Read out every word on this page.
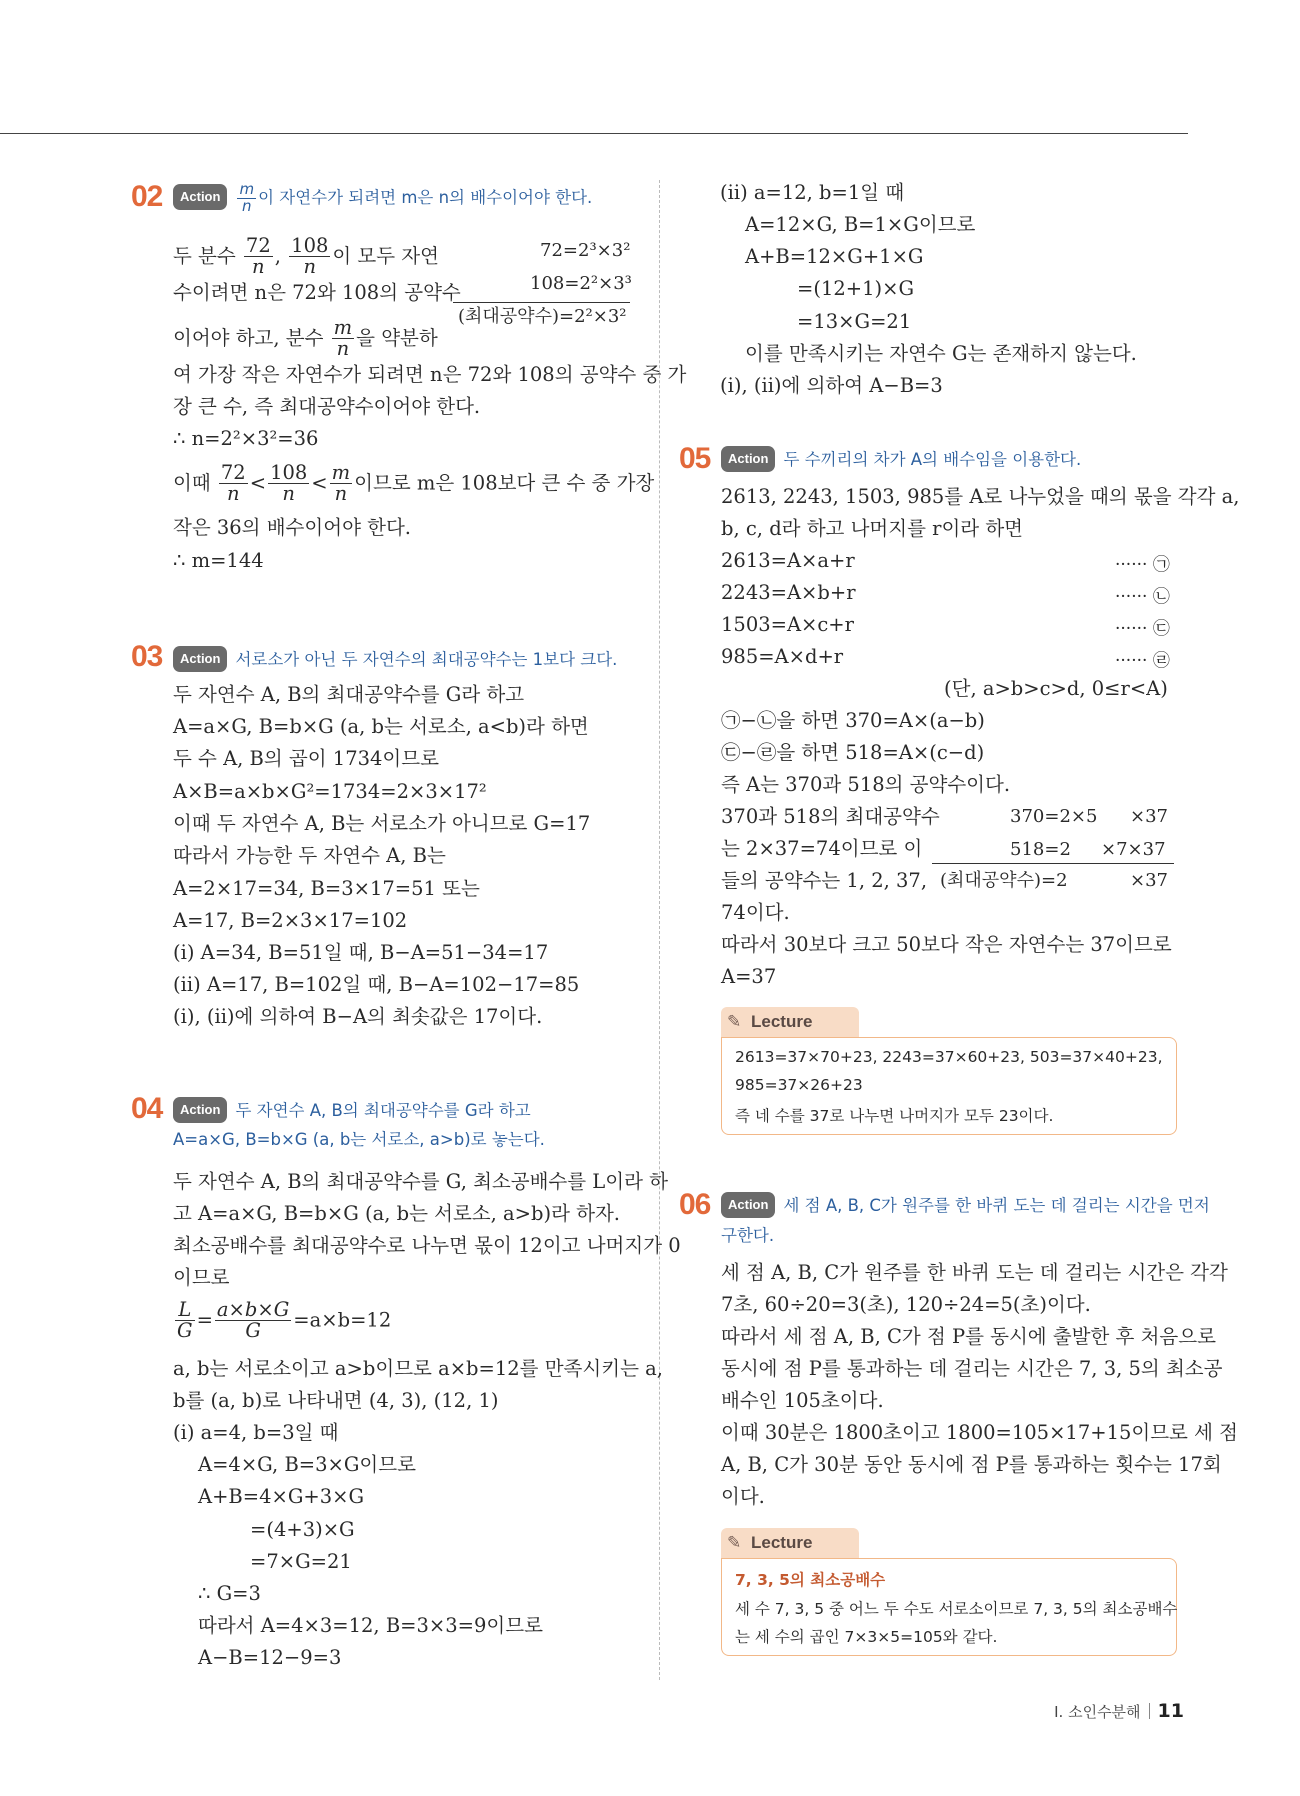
02	Action $\frac{m}{n}$ 이 자연수가 되려면 m은 n의 배수이어야 한다.
두 분수 $\frac{72}{n}$ , $\frac{108}{n}$ 이 모두 자연
수이려면 n은 72와 108의 공약수
이어야 하고, 분수 $\frac{m}{n}$ 을 약분하
여 가장 작은 자연수가 되려면 n은 72와 108의 공약수 중 가
장 큰 수, 즉 최대공약수이어야 한다.
∴ n=2²×3²=36
이때 $\frac{72}{n} < \frac{108}{n} < \frac{m}{n}$ 이므로 m은 108보다 큰 수 중 가장
작은 36의 배수이어야 한다.
∴ m=144
72=2³×3²
108=2²×3³
(최대공약수)=2²×3²
03	Action 서로소가 아닌 두 자연수의 최대공약수는 1보다 크다.
두 자연수 A, B의 최대공약수를 G라 하고
A=a×G, B=b×G (a, b는 서로소, a<b)라 하면
두 수 A, B의 곱이 1734이므로
A×B=a×b×G²=1734=2×3×17²
이때 두 자연수 A, B는 서로소가 아니므로 G=17
따라서 가능한 두 자연수 A, B는
A=2×17=34, B=3×17=51 또는
A=17, B=2×3×17=102
(ⅰ) A=34, B=51일 때, B−A=51−34=17
(ⅱ) A=17, B=102일 때, B−A=102−17=85
(ⅰ), (ⅱ)에 의하여 B−A의 최솟값은 17이다.
04	Action 두 자연수 A, B의 최대공약수를 G라 하고
A=a×G, B=b×G (a, b는 서로소, a>b)로 놓는다.
두 자연수 A, B의 최대공약수를 G, 최소공배수를 L이라 하
고 A=a×G, B=b×G (a, b는 서로소, a>b)라 하자.
최소공배수를 최대공약수로 나누면 몫이 12이고 나머지가 0
이므로
$\frac{L}{G} = \frac{a\times b\times G}{G} =a\times b=12$
a, b는 서로소이고 a>b이므로 a×b=12를 만족시키는 a,
b를 (a, b)로 나타내면 (4, 3), (12, 1)
(ⅰ) a=4, b=3일 때
A=4×G, B=3×G이므로
A+B=4×G+3×G
=(4+3)×G
=7×G=21
∴ G=3
따라서 A=4×3=12, B=3×3=9이므로
A−B=12−9=3
(ⅱ) a=12, b=1일 때
A=12×G, B=1×G이므로
A+B=12×G+1×G
=(12+1)×G
=13×G=21
이를 만족시키는 자연수 G는 존재하지 않는다.
(ⅰ), (ⅱ)에 의하여 A−B=3
05	Action 두 수끼리의 차가 A의 배수임을 이용한다.
2613, 2243, 1503, 985를 A로 나누었을 때의 몫을 각각 a,
b, c, d라 하고 나머지를 r이라 하면
2613=A×a+r	······ ㉠
2243=A×b+r	······ ㉡
1503=A×c+r	······ ㉢
985=A×d+r	······ ㉣
(단, a>b>c>d, 0≤r<A)
㉠−㉡을 하면 370=A×(a−b)
㉢−㉣을 하면 518=A×(c−d)
즉 A는 370과 518의 공약수이다.
370과 518의 최대공약수
는 2×37=74이므로 이
들의 공약수는 1, 2, 37,
74이다.
따라서 30보다 크고 50보다 작은 자연수는 37이므로
A=37
370=2×5 ×37
518=2 ×7×37
(최대공약수)=2	×37
✎ Lecture
2613=37×70+23, 2243=37×60+23, 503=37×40+23,
985=37×26+23
즉 네 수를 37로 나누면 나머지가 모두 23이다.
06	Action 세 점 A, B, C가 원주를 한 바퀴 도는 데 걸리는 시간을 먼저
구한다.
세 점 A, B, C가 원주를 한 바퀴 도는 데 걸리는 시간은 각각
7초, 60÷20=3(초), 120÷24=5(초)이다.
따라서 세 점 A, B, C가 점 P를 동시에 출발한 후 처음으로
동시에 점 P를 통과하는 데 걸리는 시간은 7, 3, 5의 최소공
배수인 105초이다.
이때 30분은 1800초이고 1800=105×17+15이므로 세 점
A, B, C가 30분 동안 동시에 점 P를 통과하는 횟수는 17회
이다.
✎ Lecture
7, 3, 5의 최소공배수
세 수 7, 3, 5 중 어느 두 수도 서로소이므로 7, 3, 5의 최소공배수
는 세 수의 곱인 7×3×5=105와 같다.
Ⅰ. 소인수분해 11
